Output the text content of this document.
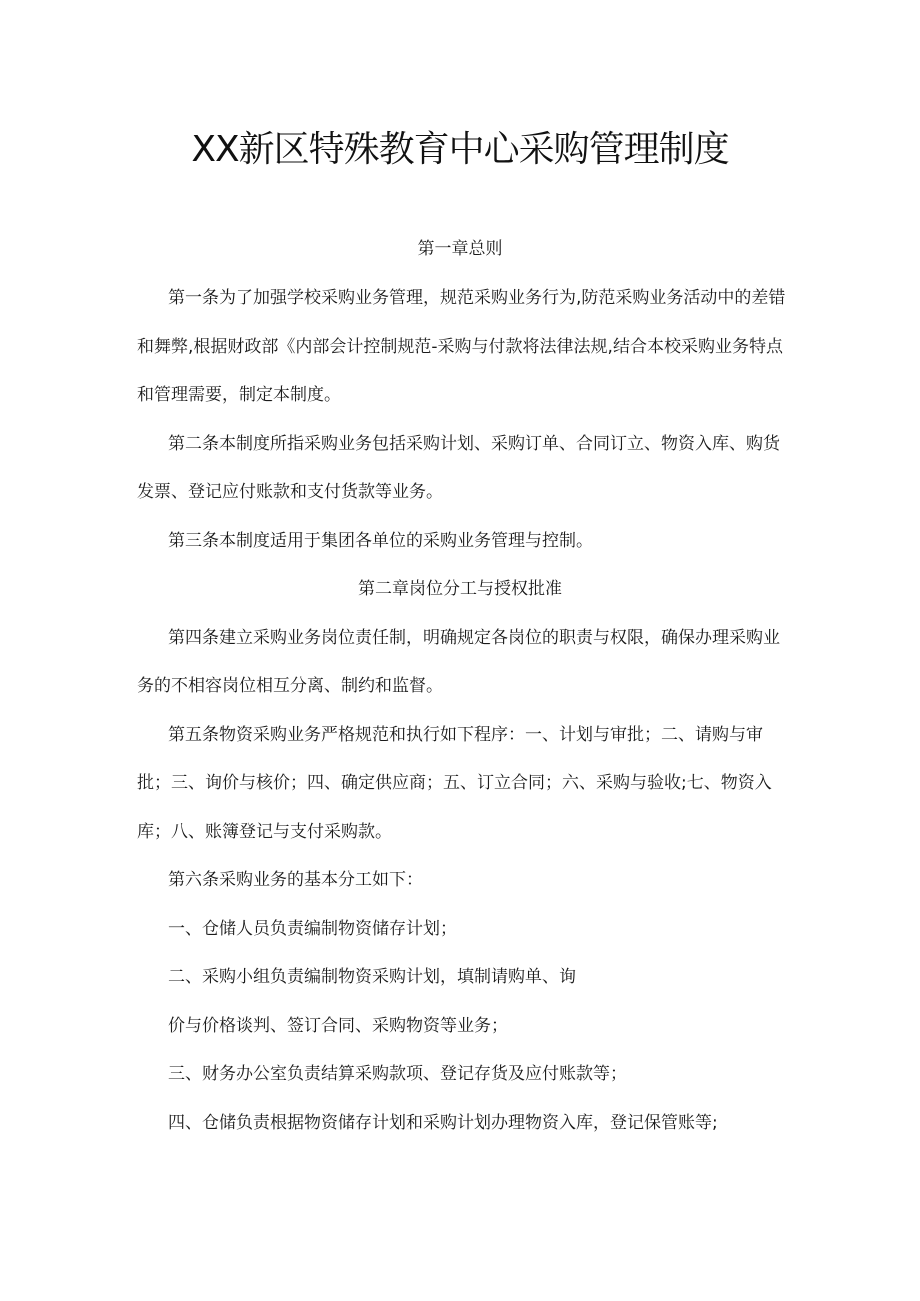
XX新区特殊教育中心采购管理制度
第一章总则
第一条为了加强学校采购业务管理，规范采购业务行为,防范采购业务活动中的差错
和舞弊,根据财政部《内部会计控制规范-采购与付款将法律法规,结合本校采购业务特点
和管理需要，制定本制度。
第二条本制度所指采购业务包括采购计划、采购订单、合同订立、物资入库、购货
发票、登记应付账款和支付货款等业务。
第三条本制度适用于集团各单位的采购业务管理与控制。
第二章岗位分工与授权批准
第四条建立采购业务岗位责任制，明确规定各岗位的职责与权限，确保办理采购业
务的不相容岗位相互分离、制约和监督。
第五条物资采购业务严格规范和执行如下程序：一、计划与审批；二、请购与审
批；三、询价与核价；四、确定供应商；五、订立合同；六、采购与验收;七、物资入
库；八、账簿登记与支付采购款。
第六条采购业务的基本分工如下：
一、仓储人员负责编制物资储存计划；
二、采购小组负责编制物资采购计划，填制请购单、询
价与价格谈判、签订合同、采购物资等业务；
三、财务办公室负责结算采购款项、登记存货及应付账款等；
四、仓储负责根据物资储存计划和采购计划办理物资入库，登记保管账等;
